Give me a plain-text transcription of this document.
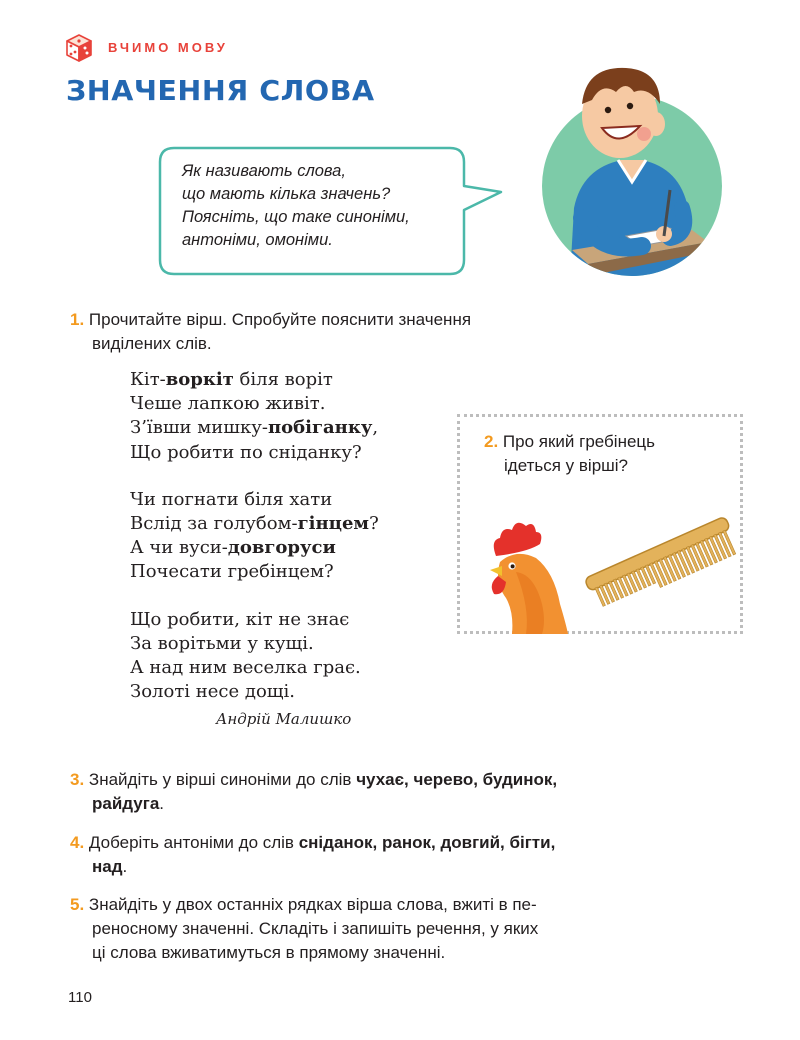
ВЧИМО МОВУ
ЗНАЧЕННЯ СЛОВА
Як називають слова,
що мають кілька значень?
Поясніть, що таке синоніми,
антоніми, омоніми.
1. Прочитайте вірш. Спробуйте пояснити значення
виділених слів.
Кіт-воркіт біля воріт
Чеше лапкою живіт.
З’ївши мишку-побіганку,
Що робити по сніданку?
Чи погнати біля хати
Вслід за голубом-гінцем?
А чи вуси-довгоруси
Почесати гребінцем?
Що робити, кіт не знає
За ворітьми у кущі.
А над ним веселка грає.
Золоті несе дощі.
Андрій Малишко
2. Про який гребінець
ідеться у вірші?
3. Знайдіть у вірші синоніми до слів чухає, черево, будинок,
райдуга.
4. Доберіть антоніми до слів сніданок, ранок, довгий, бігти,
над.
5. Знайдіть у двох останніх рядках вірша слова, вжиті в пе-
реносному значенні. Складіть і запишіть речення, у яких
ці слова вживатимуться в прямому значенні.
110
